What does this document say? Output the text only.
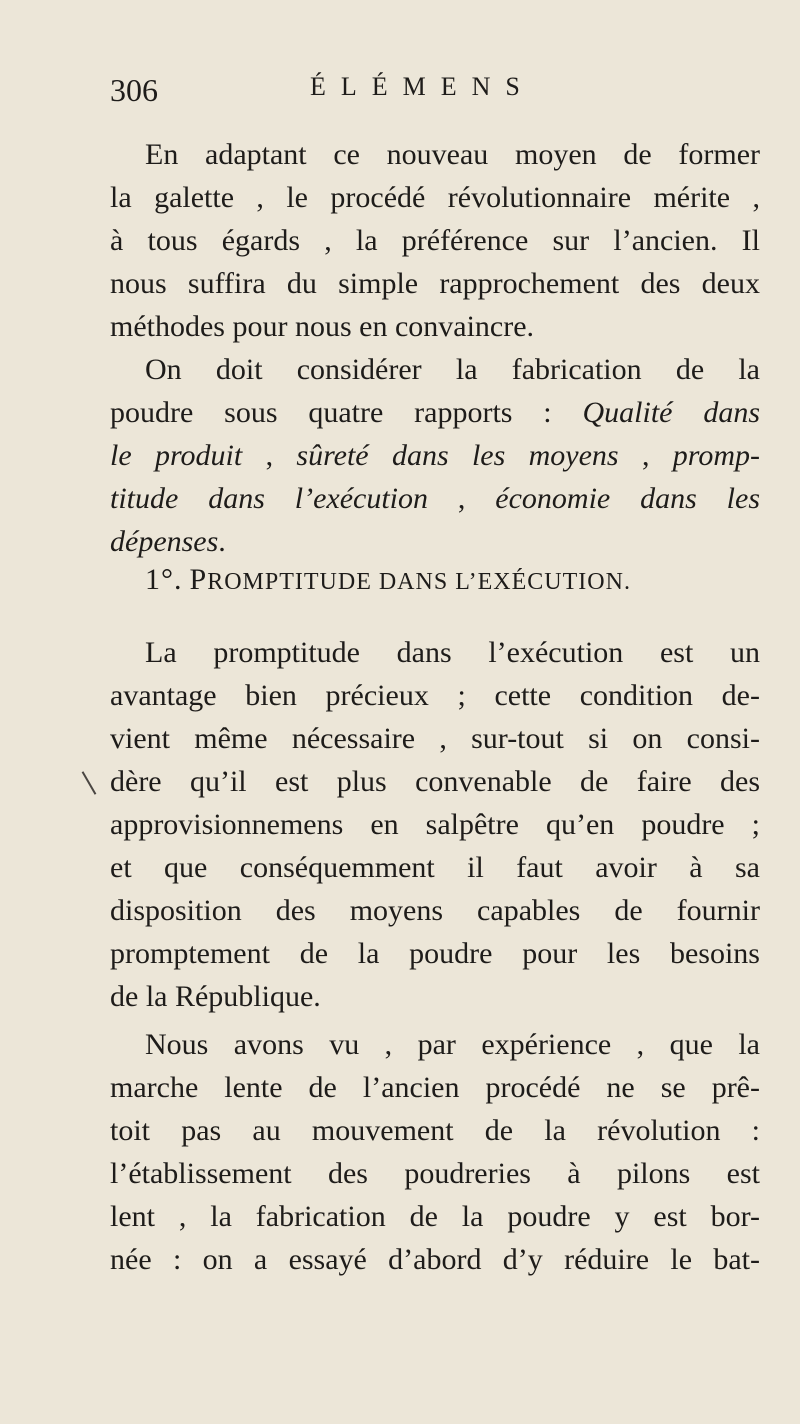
306	ÉLÉMENS
En adaptant ce nouveau moyen de former
la galette , le procédé révolutionnaire mérite ,
à tous égards , la préférence sur l’ancien. Il
nous suffira du simple rapprochement des deux
méthodes pour nous en convaincre.
On doit considérer la fabrication de la
poudre sous quatre rapports : Qualité dans
le produit , sûreté dans les moyens , promp-
titude dans l’exécution , économie dans les
dépenses.
1°. PROMPTITUDE DANS L’EXÉCUTION.
La promptitude dans l’exécution est un
avantage bien précieux ; cette condition de-
vient même nécessaire , sur-tout si on consi-
dère qu’il est plus convenable de faire des
approvisionnemens en salpêtre qu’en poudre ;
et que conséquemment il faut avoir à sa
disposition des moyens capables de fournir
promptement de la poudre pour les besoins
de la République.
Nous avons vu , par expérience , que la
marche lente de l’ancien procédé ne se prê-
toit pas au mouvement de la révolution :
l’établissement des poudreries à pilons est
lent , la fabrication de la poudre y est bor-
née : on a essayé d’abord d’y réduire le bat-
